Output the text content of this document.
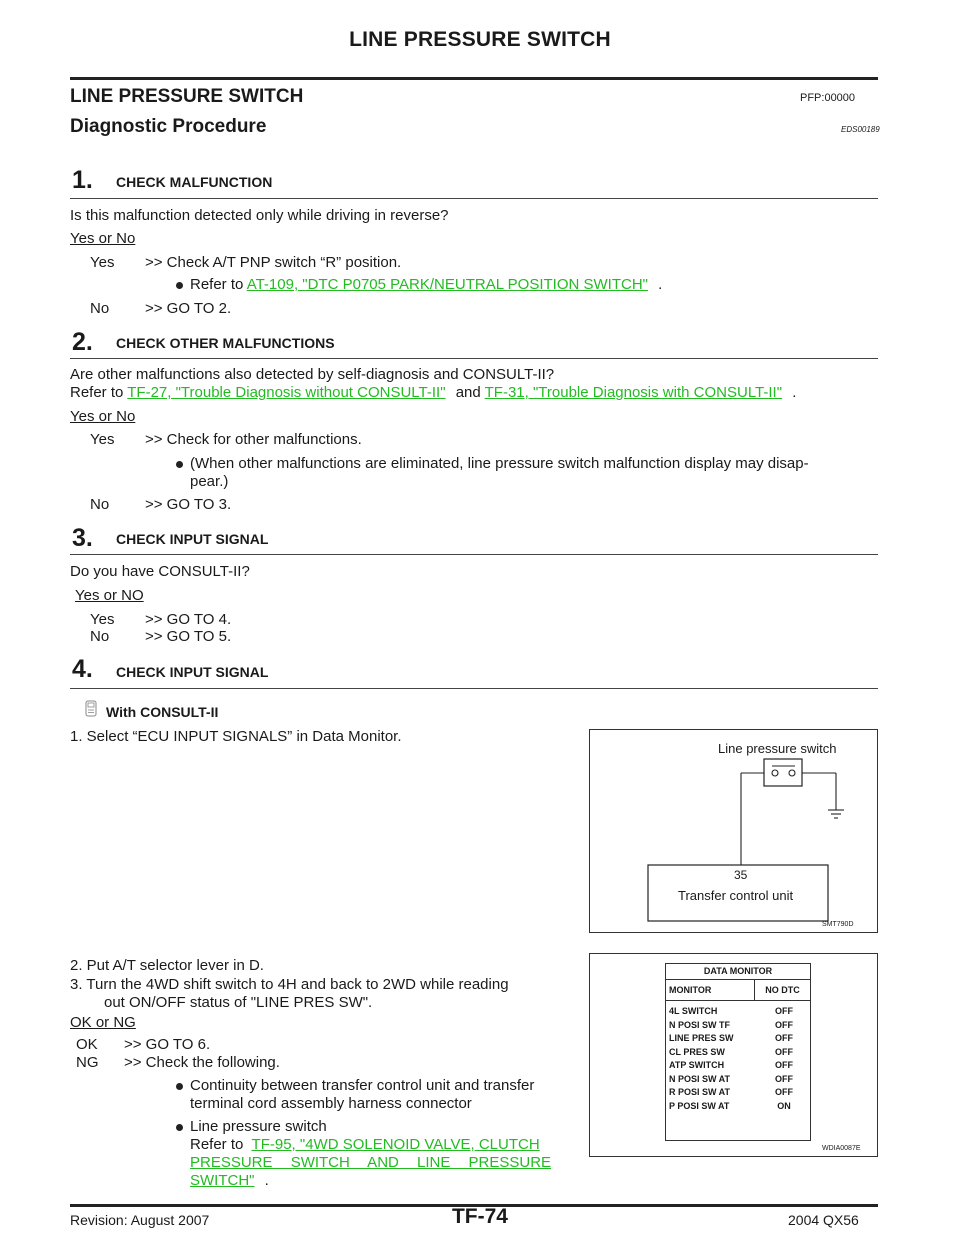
LINE PRESSURE SWITCH
LINE PRESSURE SWITCH	PFP:00000
Diagnostic Procedure	EDS00189
1. CHECK MALFUNCTION
Is this malfunction detected only while driving in reverse?
Yes or No
Yes >> Check A/T PNP switch “R” position.
Refer to AT-109, "DTC P0705 PARK/NEUTRAL POSITION SWITCH" .
No >> GO TO 2.
2. CHECK OTHER MALFUNCTIONS
Are other malfunctions also detected by self-diagnosis and CONSULT-II?
Refer to TF-27, "Trouble Diagnosis without CONSULT-II" and TF-31, "Trouble Diagnosis with CONSULT-II" .
Yes or No
Yes >> Check for other malfunctions.
(When other malfunctions are eliminated, line pressure switch malfunction display may disap-
pear.)
No >> GO TO 3.
3. CHECK INPUT SIGNAL
Do you have CONSULT-II?
Yes or NO
Yes >> GO TO 4.
No >> GO TO 5.
4. CHECK INPUT SIGNAL
With CONSULT-II
1. Select “ECU INPUT SIGNALS” in Data Monitor.
Line pressure switch
35
Transfer control unit
SMT790D
2. Put A/T selector lever in D.
3. Turn the 4WD shift switch to 4H and back to 2WD while reading
out ON/OFF status of "LINE PRES SW".
OK or NG
OK >> GO TO 6.
NG >> Check the following.
Continuity between transfer control unit and transfer
terminal cord assembly harness connector
Line pressure switch
Refer to TF-95, "4WD SOLENOID VALVE, CLUTCH
PRESSURE SWITCH AND LINE PRESSURE
SWITCH" .
DATA MONITOR
MONITOR	NO DTC
4L SWITCH	OFF
N POSI SW TF	OFF
LINE PRES SW	OFF
CL PRES SW	OFF
ATP SWITCH	OFF
N POSI SW AT	OFF
R POSI SW AT	OFF
P POSI SW AT	ON
WDIA0087E
Revision: August 2007	TF-74	2004 QX56
